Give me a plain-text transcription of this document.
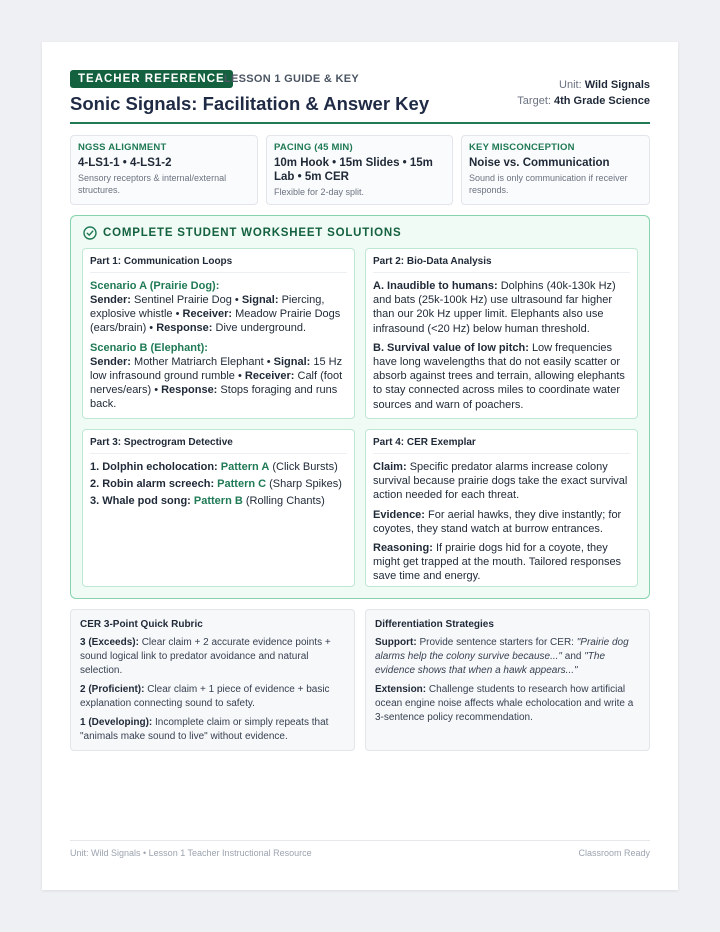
TEACHER REFERENCE LESSON 1 GUIDE & KEY
Sonic Signals: Facilitation & Answer Key
Unit: Wild Signals
Target: 4th Grade Science
NGSS ALIGNMENT
4-LS1-1 • 4-LS1-2
Sensory receptors & internal/external structures.
PACING (45 MIN)
10m Hook • 15m Slides • 15m Lab • 5m CER
Flexible for 2-day split.
KEY MISCONCEPTION
Noise vs. Communication
Sound is only communication if receiver responds.
COMPLETE STUDENT WORKSHEET SOLUTIONS
Part 1: Communication Loops
Scenario A (Prairie Dog):
Sender: Sentinel Prairie Dog • Signal: Piercing, explosive whistle • Receiver: Meadow Prairie Dogs (ears/brain) • Response: Dive underground.
Scenario B (Elephant):
Sender: Mother Matriarch Elephant • Signal: 15 Hz low infrasound ground rumble • Receiver: Calf (foot nerves/ears) • Response: Stops foraging and runs back.
Part 2: Bio-Data Analysis
A. Inaudible to humans: Dolphins (40k-130k Hz) and bats (25k-100k Hz) use ultrasound far higher than our 20k Hz upper limit. Elephants also use infrasound (<20 Hz) below human threshold.
B. Survival value of low pitch: Low frequencies have long wavelengths that do not easily scatter or absorb against trees and terrain, allowing elephants to stay connected across miles to coordinate water sources and warn of poachers.
Part 3: Spectrogram Detective
1. Dolphin echolocation: Pattern A (Click Bursts)
2. Robin alarm screech: Pattern C (Sharp Spikes)
3. Whale pod song: Pattern B (Rolling Chants)
Part 4: CER Exemplar
Claim: Specific predator alarms increase colony survival because prairie dogs take the exact survival action needed for each threat.
Evidence: For aerial hawks, they dive instantly; for coyotes, they stand watch at burrow entrances.
Reasoning: If prairie dogs hid for a coyote, they might get trapped at the mouth. Tailored responses save time and energy.
CER 3-Point Quick Rubric
3 (Exceeds): Clear claim + 2 accurate evidence points + sound logical link to predator avoidance and natural selection.
2 (Proficient): Clear claim + 1 piece of evidence + basic explanation connecting sound to safety.
1 (Developing): Incomplete claim or simply repeats that "animals make sound to live" without evidence.
Differentiation Strategies
Support: Provide sentence starters for CER: "Prairie dog alarms help the colony survive because..." and "The evidence shows that when a hawk appears..."
Extension: Challenge students to research how artificial ocean engine noise affects whale echolocation and write a 3-sentence policy recommendation.
Unit: Wild Signals • Lesson 1 Teacher Instructional Resource	Classroom Ready
